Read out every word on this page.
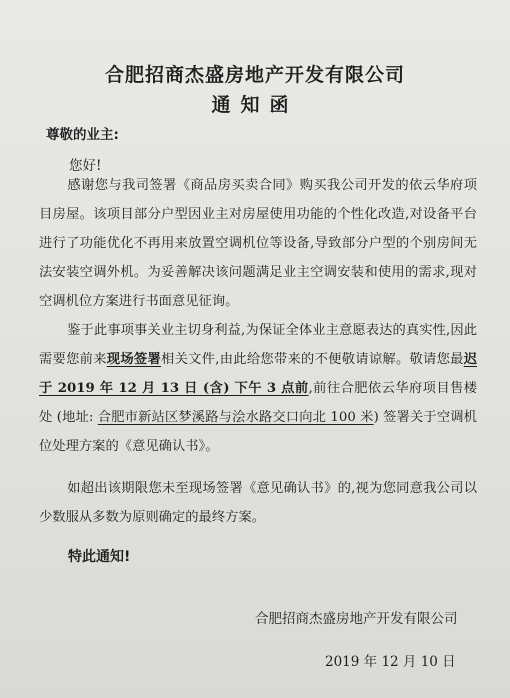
合肥招商杰盛房地产开发有限公司
通知函
尊敬的业主:
您好!
感谢您与我司签署《商品房买卖合同》购买我公司开发的依云华府项目房屋。该项目部分户型因业主对房屋使用功能的个性化改造,对设备平台进行了功能优化不再用来放置空调机位等设备,导致部分户型的个别房间无法安装空调外机。为妥善解决该问题满足业主空调安装和使用的需求,现对空调机位方案进行书面意见征询。
鉴于此事项事关业主切身利益,为保证全体业主意愿表达的真实性,因此需要您前来现场签署相关文件,由此给您带来的不便敬请谅解。敬请您最迟于 2019 年 12 月 13 日 (含) 下午 3 点前,前往合肥依云华府项目售楼处 (地址: 合肥市新站区梦溪路与浍水路交口向北 100 米) 签署关于空调机位处理方案的《意见确认书》。
如超出该期限您未至现场签署《意见确认书》的,视为您同意我公司以少数服从多数为原则确定的最终方案。
特此通知!
合肥招商杰盛房地产开发有限公司
2019 年 12 月 10 日
